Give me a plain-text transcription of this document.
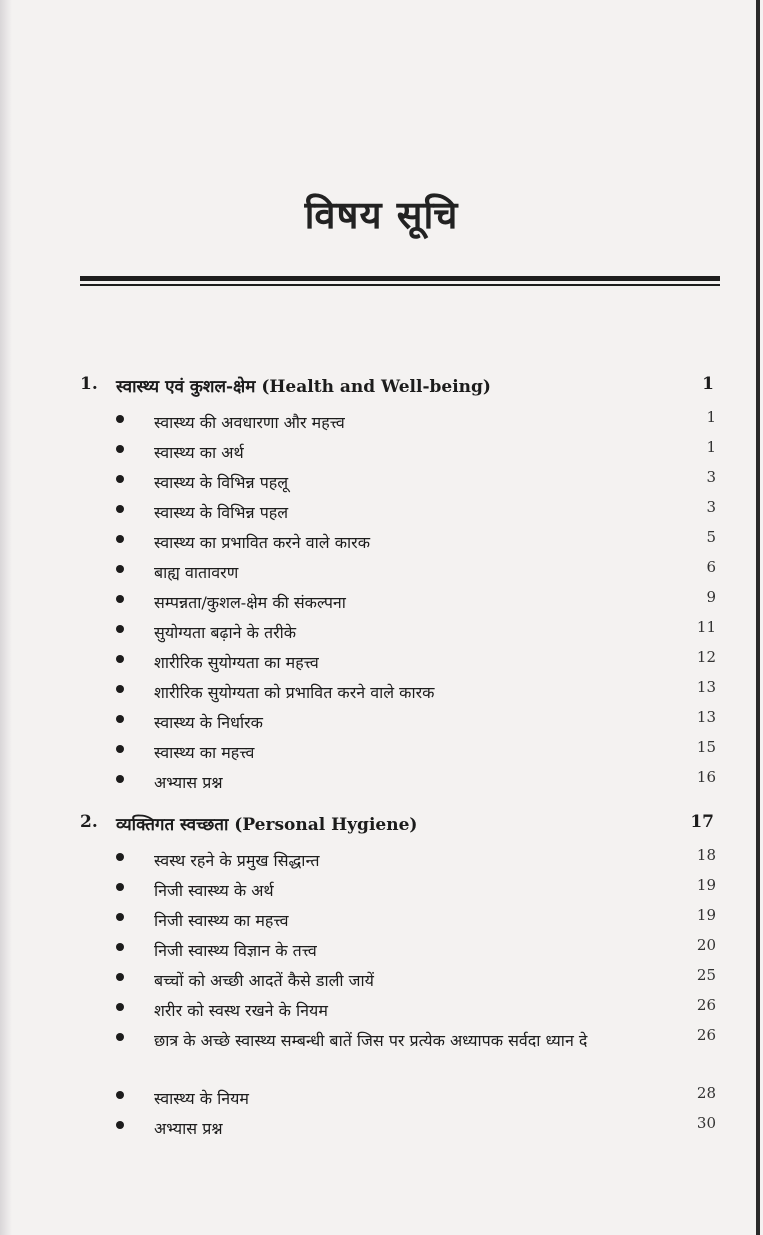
विषय सूचि
1. स्वास्थ्य एवं कुशल-क्षेम (Health and Well-being)	1
स्वास्थ्य की अवधारणा और महत्त्व	1
स्वास्थ्य का अर्थ	1
स्वास्थ्य के विभिन्न पहलू	3
स्वास्थ्य के विभिन्न पहल	3
स्वास्थ्य का प्रभावित करने वाले कारक	5
बाह्य वातावरण	6
सम्पन्नता/कुशल-क्षेम की संकल्पना	9
सुयोग्यता बढ़ाने के तरीके	11
शारीरिक सुयोग्यता का महत्त्व	12
शारीरिक सुयोग्यता को प्रभावित करने वाले कारक	13
स्वास्थ्य के निर्धारक	13
स्वास्थ्य का महत्त्व	15
अभ्यास प्रश्न	16
2. व्यक्तिगत स्वच्छता (Personal Hygiene)	17
स्वस्थ रहने के प्रमुख सिद्धान्त	18
निजी स्वास्थ्य के अर्थ	19
निजी स्वास्थ्य का महत्त्व	19
निजी स्वास्थ्य विज्ञान के तत्त्व	20
बच्चों को अच्छी आदतें कैसे डाली जायें	25
शरीर को स्वस्थ रखने के नियम	26
छात्र के अच्छे स्वास्थ्य सम्बन्धी बातें जिस पर प्रत्येक अध्यापक सर्वदा ध्यान दे	26
स्वास्थ्य के नियम	28
अभ्यास प्रश्न	30
